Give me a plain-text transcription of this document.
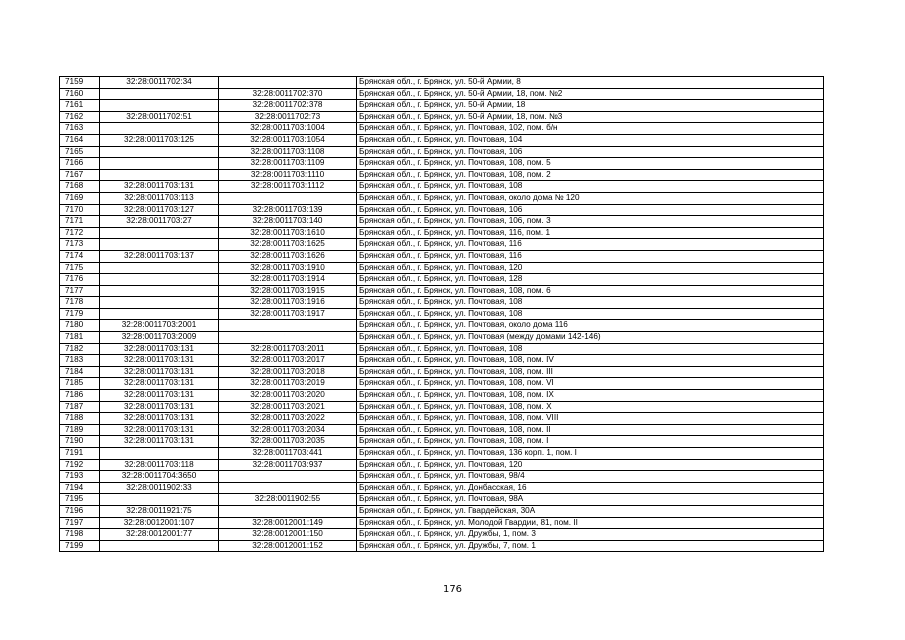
7159	32:28:0011702:34		Брянская обл., г. Брянск, ул. 50-й Армии, 8
7160		32:28:0011702:370	Брянская обл., г. Брянск, ул. 50-й Армии, 18, пом. №2
7161		32:28:0011702:378	Брянская обл., г. Брянск, ул. 50-й Армии, 18
7162	32:28:0011702:51	32:28:0011702:73	Брянская обл., г. Брянск, ул. 50-й Армии, 18, пом. №3
7163		32:28:0011703:1004	Брянская обл., г. Брянск, ул. Почтовая, 102, пом. б/н
7164	32:28:0011703:125	32:28:0011703:1054	Брянская обл., г. Брянск, ул. Почтовая, 104
7165		32:28:0011703:1108	Брянская обл., г. Брянск, ул. Почтовая, 106
7166		32:28:0011703:1109	Брянская обл., г. Брянск, ул. Почтовая, 108, пом. 5
7167		32:28:0011703:1110	Брянская обл., г. Брянск, ул. Почтовая, 108, пом. 2
7168	32:28:0011703:131	32:28:0011703:1112	Брянская обл., г. Брянск, ул. Почтовая, 108
7169	32:28:0011703:113		Брянская обл., г. Брянск, ул. Почтовая, около дома № 120
7170	32:28:0011703:127	32:28:0011703:139	Брянская обл., г. Брянск, ул. Почтовая, 106
7171	32:28:0011703:27	32:28:0011703:140	Брянская обл., г. Брянск, ул. Почтовая, 106, пом. 3
7172		32:28:0011703:1610	Брянская обл., г. Брянск, ул. Почтовая, 116, пом. 1
7173		32:28:0011703:1625	Брянская обл., г. Брянск, ул. Почтовая, 116
7174	32:28:0011703:137	32:28:0011703:1626	Брянская обл., г. Брянск, ул. Почтовая, 116
7175		32:28:0011703:1910	Брянская обл., г. Брянск, ул. Почтовая, 120
7176		32:28:0011703:1914	Брянская обл., г. Брянск, ул. Почтовая, 128
7177		32:28:0011703:1915	Брянская обл., г. Брянск, ул. Почтовая, 108, пом. 6
7178		32:28:0011703:1916	Брянская обл., г. Брянск, ул. Почтовая, 108
7179		32:28:0011703:1917	Брянская обл., г. Брянск, ул. Почтовая, 108
7180	32:28:0011703:2001		Брянская обл., г. Брянск, ул. Почтовая, около дома 116
7181	32:28:0011703:2009		Брянская обл., г. Брянск, ул. Почтовая (между домами 142-146)
7182	32:28:0011703:131	32:28:0011703:2011	Брянская обл., г. Брянск, ул. Почтовая, 108
7183	32:28:0011703:131	32:28:0011703:2017	Брянская обл., г. Брянск, ул. Почтовая, 108, пом. IV
7184	32:28:0011703:131	32:28:0011703:2018	Брянская обл., г. Брянск, ул. Почтовая, 108, пом. III
7185	32:28:0011703:131	32:28:0011703:2019	Брянская обл., г. Брянск, ул. Почтовая, 108, пом. VI
7186	32:28:0011703:131	32:28:0011703:2020	Брянская обл., г. Брянск, ул. Почтовая, 108, пом. IX
7187	32:28:0011703:131	32:28:0011703:2021	Брянская обл., г. Брянск, ул. Почтовая, 108, пом. X
7188	32:28:0011703:131	32:28:0011703:2022	Брянская обл., г. Брянск, ул. Почтовая, 108, пом. VIII
7189	32:28:0011703:131	32:28:0011703:2034	Брянская обл., г. Брянск, ул. Почтовая, 108, пом. II
7190	32:28:0011703:131	32:28:0011703:2035	Брянская обл., г. Брянск, ул. Почтовая, 108, пом. I
7191		32:28:0011703:441	Брянская обл., г. Брянск, ул. Почтовая, 136 корп. 1, пом. I
7192	32:28:0011703:118	32:28:0011703:937	Брянская обл., г. Брянск, ул. Почтовая, 120
7193	32:28:0011704:3650		Брянская обл., г. Брянск, ул. Почтовая, 98/4
7194	32:28:0011902:33		Брянская обл., г. Брянск, ул. Донбасская, 16
7195		32:28:0011902:55	Брянская обл., г. Брянск, ул. Почтовая, 98А
7196	32:28:0011921:75		Брянская обл., г. Брянск, ул. Гвардейская, 30А
7197	32:28:0012001:107	32:28:0012001:149	Брянская обл., г. Брянск, ул. Молодой Гвардии, 81, пом. II
7198	32:28:0012001:77	32:28:0012001:150	Брянская обл., г. Брянск, ул. Дружбы, 1, пом. 3
7199		32:28:0012001:152	Брянская обл., г. Брянск, ул. Дружбы, 7, пом. 1
176
